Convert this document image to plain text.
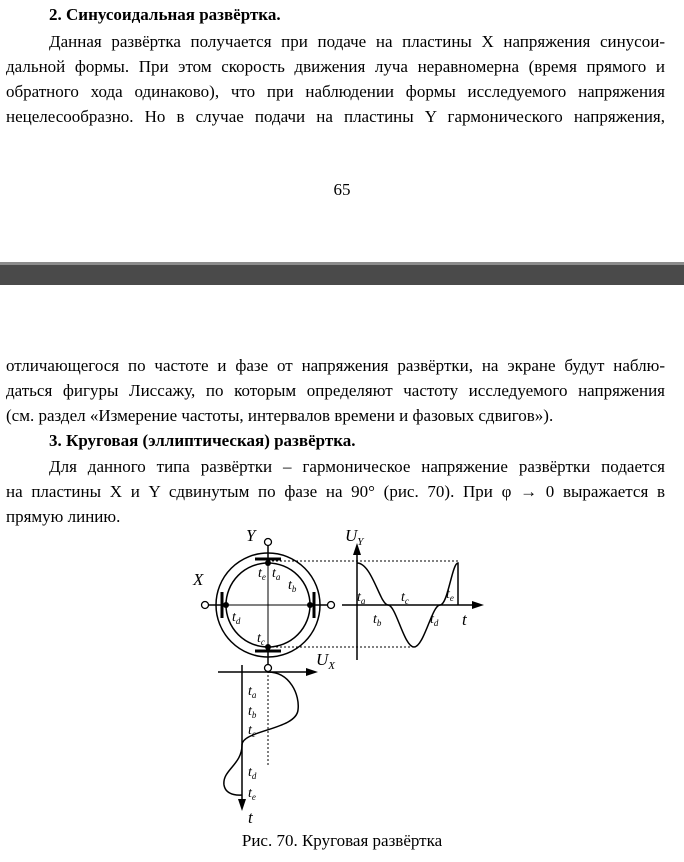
2. Синусоидальная развёртка.
Данная развёртка получается при подаче на пластины X напряжения синусои-
дальной формы. При этом скорость движения луча неравномерна (время прямого и
обратного хода одинаково), что при наблюдении формы исследуемого напряжения
нецелесообразно. Но в случае подачи на пластины Y гармонического напряжения,
65
отличающегося по частоте и фазе от напряжения развёртки, на экране будут наблю-
даться фигуры Лиссажу, по которым определяют частоту исследуемого напряжения
(см. раздел «Измерение частоты, интервалов времени и фазовых сдвигов»).
3. Круговая (эллиптическая) развёртка.
Для данного типа развёртки – гармоническое напряжение развёртки подается
на пластины X и Y сдвинутым по фазе на 90° (рис. 70). При φ → 0 выражается в
прямую линию.
Y
X
$U_Y$
$U_X$
t
t
$t_e$ $t_a$
$t_b$
$t_d$
$t_c$
$t_a$
$t_b$
$t_c$
$t_d$
$t_e$
$t_a$
$t_b$
$t_c$
$t_d$
$t_e$
Рис. 70. Круговая развёртка
